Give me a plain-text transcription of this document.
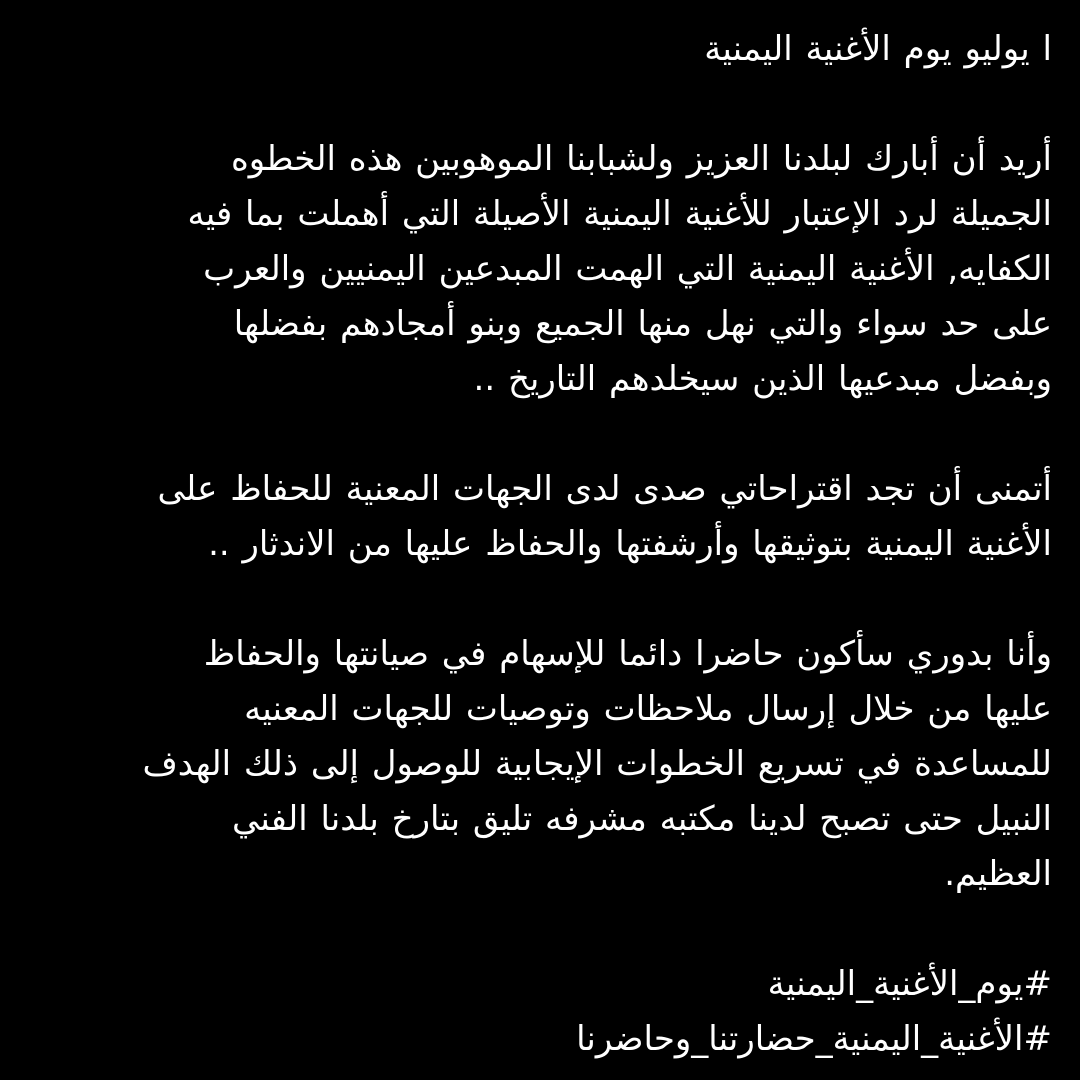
ا يوليو يوم الأغنية اليمنية
أريد أن أبارك لبلدنا العزيز ولشبابنا الموهوبين هذه الخطوه
الجميلة لرد الإعتبار للأغنية اليمنية الأصيلة التي أهملت بما فيه
الكفايه, الأغنية اليمنية التي الهمت المبدعين اليمنيين والعرب
على حد سواء والتي نهل منها الجميع وبنو أمجادهم بفضلها
وبفضل مبدعيها الذين سيخلدهم التاريخ ..
أتمنى أن تجد اقتراحاتي صدى لدى الجهات المعنية للحفاظ على
الأغنية اليمنية بتوثيقها وأرشفتها والحفاظ عليها من الاندثار ..
وأنا بدوري سأكون حاضرا دائما للإسهام في صيانتها والحفاظ
عليها من خلال إرسال ملاحظات وتوصيات للجهات المعنيه
للمساعدة في تسريع الخطوات الإيجابية للوصول إلى ذلك الهدف
النبيل حتى تصبح لدينا مكتبه مشرفه تليق بتارخ بلدنا الفني
العظيم.
#يوم_الأغنية_اليمنية
#الأغنية_اليمنية_حضارتنا_وحاضرنا
